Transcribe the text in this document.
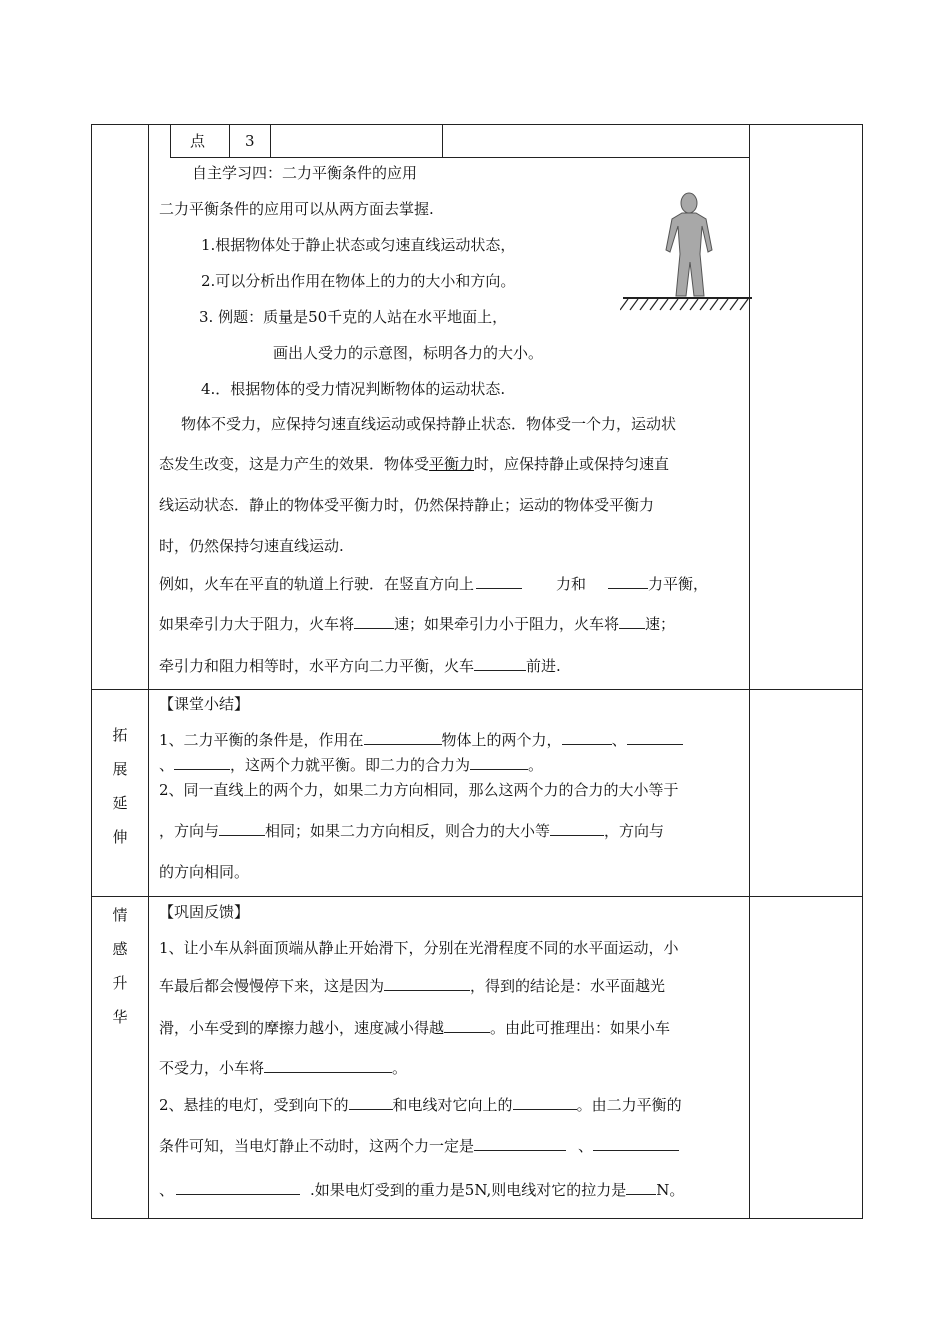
点	3
自主学习四：二力平衡条件的应用
二力平衡条件的应用可以从两方面去掌握.
1.根据物体处于静止状态或匀速直线运动状态，
2.可以分析出作用在物体上的力的大小和方向。
3. 例题：质量是50千克的人站在水平地面上，
画出人受力的示意图，标明各力的大小。
4.．根据物体的受力情况判断物体的运动状态.
物体不受力，应保持匀速直线运动或保持静止状态．物体受一个力，运动状
态发生改变，这是力产生的效果．物体受平衡力时，应保持静止或保持匀速直
线运动状态．静止的物体受平衡力时，仍然保持静止；运动的物体受平衡力
时，仍然保持匀速直线运动.
例如，火车在平直的轨道上行驶．在竖直方向上	力和	力平衡，
如果牵引力大于阻力，火车将	速；如果牵引力小于阻力，火车将 速；
牵引力和阻力相等时，水平方向二力平衡，火车	前进.
拓
展
延
伸
【课堂小结】
1、二力平衡的条件是，作用在	物体上的两个力，	、
、	，这两个力就平衡。即二力的合力为	。
2、同一直线上的两个力，如果二力方向相同，那么这两个力的合力的大小等于
，方向与	相同；如果二力方向相反，则合力的大小等	，方向与
的方向相同。
情
感
升
华
【巩固反馈】
1、让小车从斜面顶端从静止开始滑下，分别在光滑程度不同的水平面运动，小
车最后都会慢慢停下来，这是因为	，得到的结论是：水平面越光
滑，小车受到的摩擦力越小，速度减小得越	。由此可推理出：如果小车
不受力，小车将	。
2、悬挂的电灯，受到向下的	和电线对它向上的	。由二力平衡的
条件可知，当电灯静止不动时，这两个力一定是	、
、	.如果电灯受到的重力是5N,则电线对它的拉力是 N。
